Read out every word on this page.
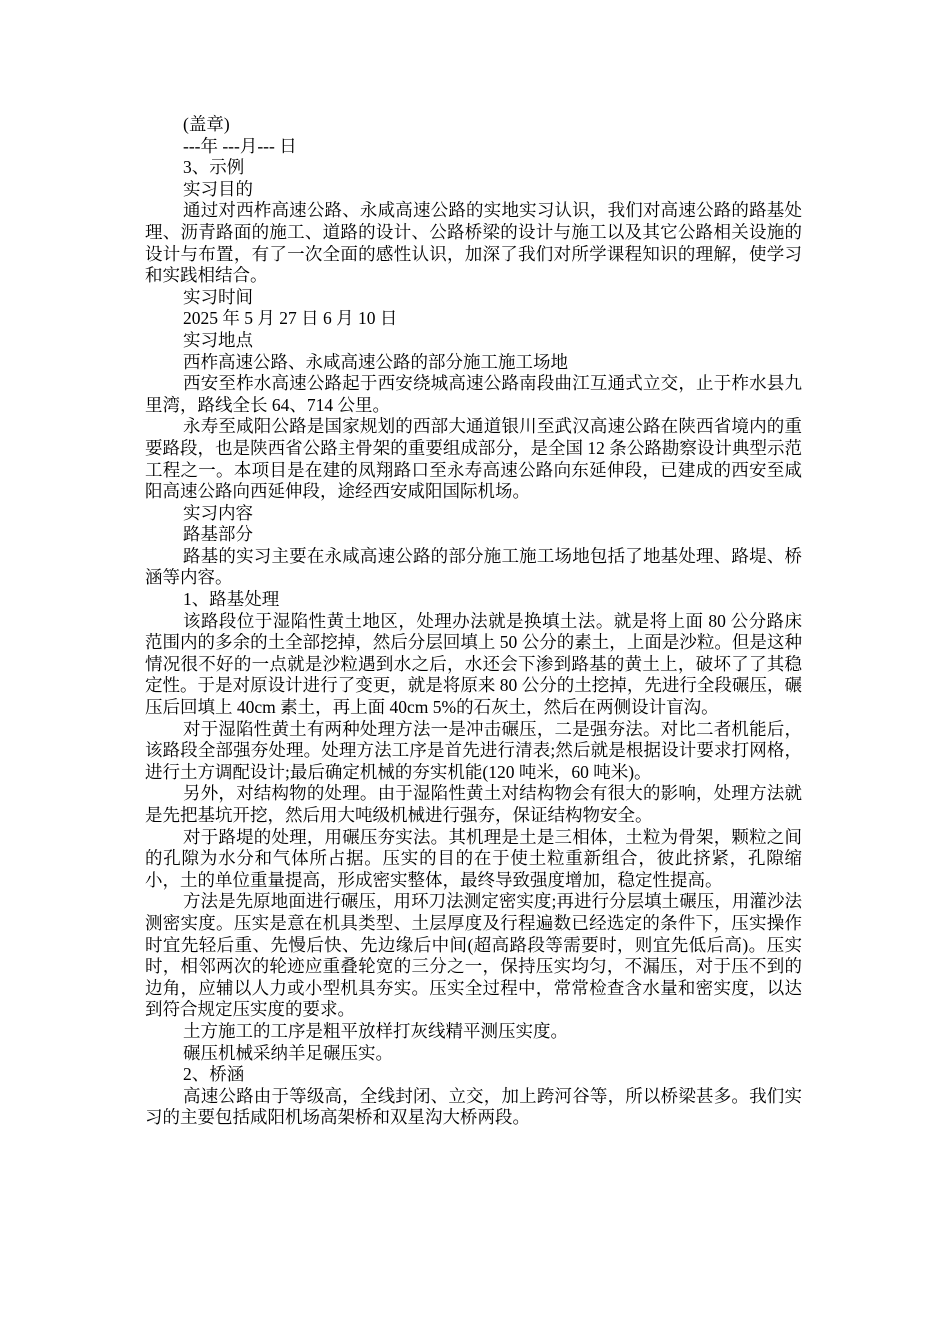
(盖章)

---年 ---月--- 日

3、示例

实习目的

通过对西柞高速公路、永咸高速公路的实地实习认识，我们对高速公路的路基处理、沥青路面的施工、道路的设计、公路桥梁的设计与施工以及其它公路相关设施的设计与布置，有了一次全面的感性认识，加深了我们对所学课程知识的理解，使学习和实践相结合。

实习时间

2025 年 5 月 27 日 6 月 10 日

实习地点

西柞高速公路、永咸高速公路的部分施工施工场地

西安至柞水高速公路起于西安绕城高速公路南段曲江互通式立交，止于柞水县九里湾，路线全长 64、714 公里。

永寿至咸阳公路是国家规划的西部大通道银川至武汉高速公路在陕西省境内的重要路段，也是陕西省公路主骨架的重要组成部分，是全国 12 条公路勘察设计典型示范工程之一。本项目是在建的凤翔路口至永寿高速公路向东延伸段，已建成的西安至咸阳高速公路向西延伸段，途经西安咸阳国际机场。

实习内容

路基部分

路基的实习主要在永咸高速公路的部分施工施工场地包括了地基处理、路堤、桥涵等内容。

1、路基处理

该路段位于湿陷性黄土地区，处理办法就是换填土法。就是将上面 80 公分路床范围内的多余的土全部挖掉，然后分层回填上 50 公分的素土，上面是沙粒。但是这种情况很不好的一点就是沙粒遇到水之后，水还会下渗到路基的黄土上，破坏了了其稳定性。于是对原设计进行了变更，就是将原来 80 公分的土挖掉，先进行全段碾压，碾压后回填上 40cm 素土，再上面 40cm 5%的石灰土，然后在两侧设计盲沟。

对于湿陷性黄土有两种处理方法一是冲击碾压，二是强夯法。对比二者机能后，该路段全部强夯处理。处理方法工序是首先进行清表;然后就是根据设计要求打网格，进行土方调配设计;最后确定机械的夯实机能(120 吨米，60 吨米)。

另外，对结构物的处理。由于湿陷性黄土对结构物会有很大的影响，处理方法就是先把基坑开挖，然后用大吨级机械进行强夯，保证结构物安全。

对于路堤的处理，用碾压夯实法。其机理是土是三相体，土粒为骨架，颗粒之间的孔隙为水分和气体所占据。压实的目的在于使土粒重新组合，彼此挤紧，孔隙缩小，土的单位重量提高，形成密实整体，最终导致强度增加，稳定性提高。

方法是先原地面进行碾压，用环刀法测定密实度;再进行分层填土碾压，用灌沙法测密实度。压实是意在机具类型、土层厚度及行程遍数已经选定的条件下，压实操作时宜先轻后重、先慢后快、先边缘后中间(超高路段等需要时，则宜先低后高)。压实时，相邻两次的轮迹应重叠轮宽的三分之一，保持压实均匀，不漏压，对于压不到的边角，应辅以人力或小型机具夯实。压实全过程中，常常检查含水量和密实度，以达到符合规定压实度的要求。

土方施工的工序是粗平放样打灰线精平测压实度。

碾压机械采纳羊足碾压实。

2、桥涵

高速公路由于等级高，全线封闭、立交，加上跨河谷等，所以桥梁甚多。我们实习的主要包括咸阳机场高架桥和双星沟大桥两段。
